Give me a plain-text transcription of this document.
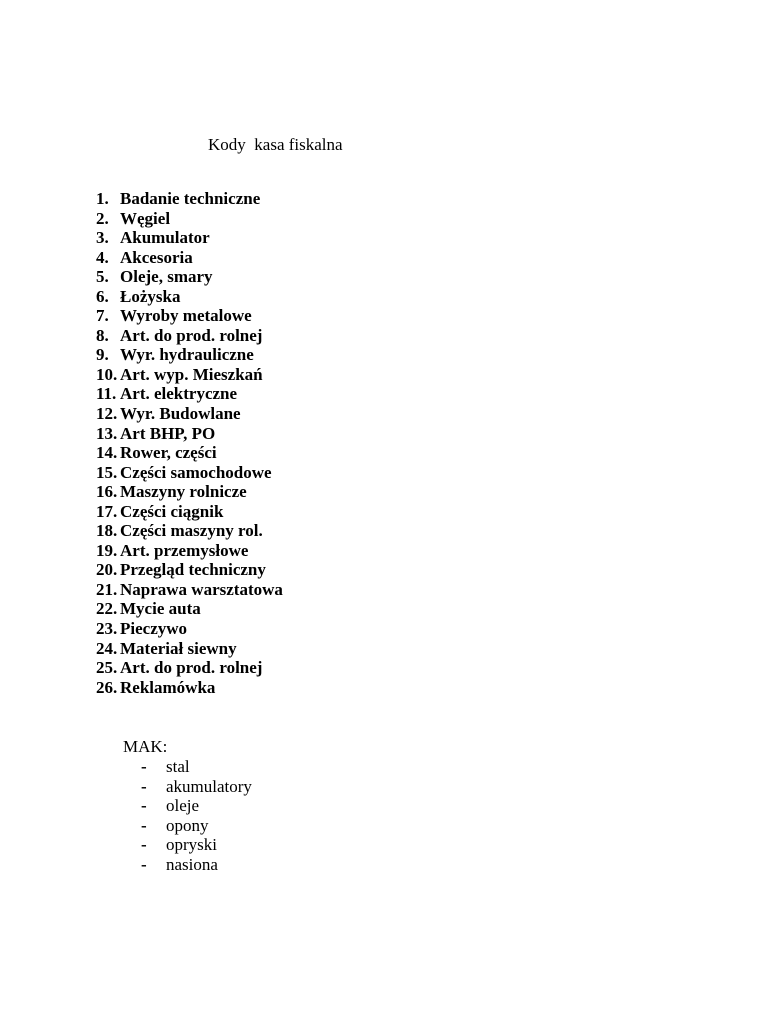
Kody  kasa fiskalna
1. Badanie techniczne
2. Węgiel
3. Akumulator
4. Akcesoria
5. Oleje, smary
6. Łożyska
7. Wyroby metalowe
8. Art. do prod. rolnej
9. Wyr. hydrauliczne
10. Art. wyp. Mieszkań
11. Art. elektryczne
12. Wyr. Budowlane
13. Art BHP, PO
14. Rower, części
15. Części samochodowe
16. Maszyny rolnicze
17. Części ciągnik
18. Części maszyny rol.
19. Art. przemysłowe
20. Przegląd techniczny
21. Naprawa warsztatowa
22. Mycie auta
23. Pieczywo
24. Materiał siewny
25. Art. do prod. rolnej
26. Reklamówka
MAK:
-	stal
-	akumulatory
-	oleje
-	opony
-	opryski
-	nasiona
